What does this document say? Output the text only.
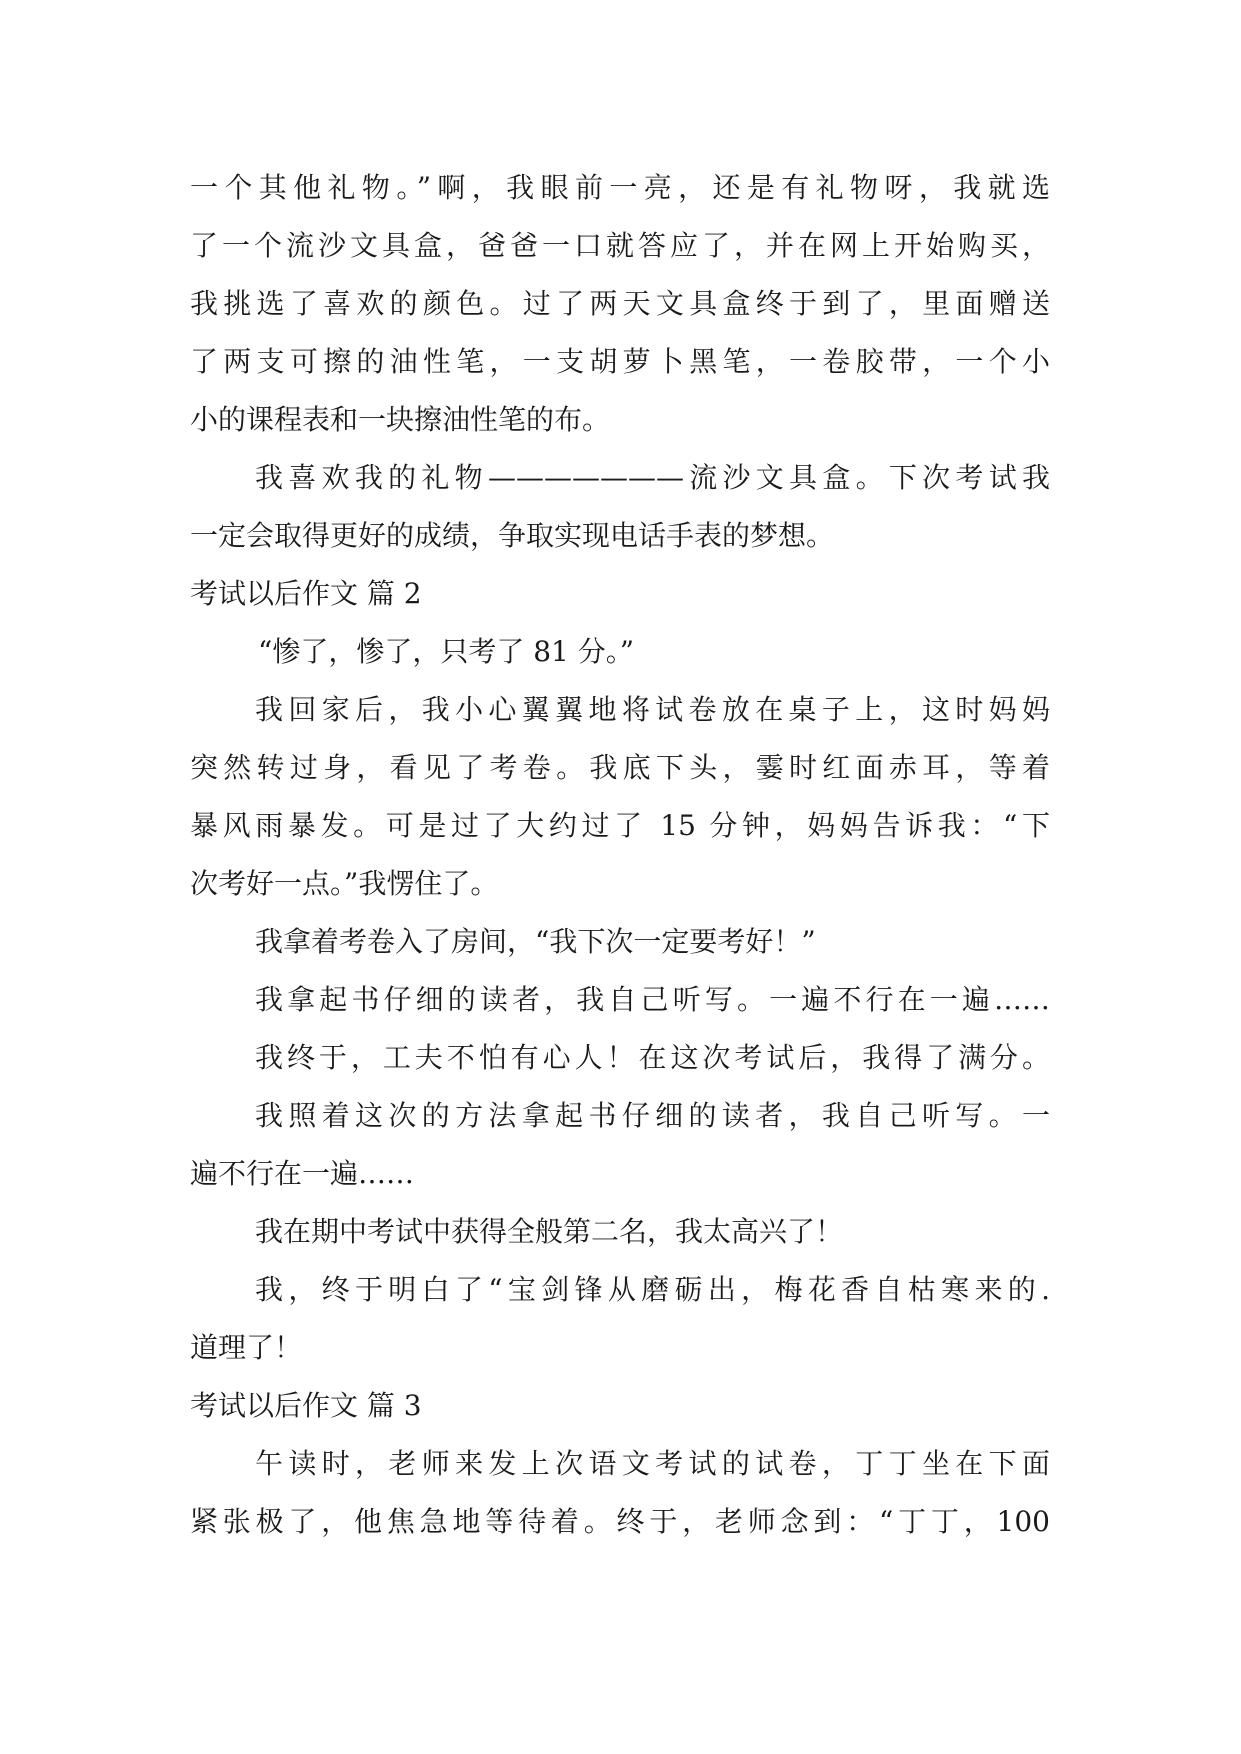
一个其他礼物。”啊，我眼前一亮，还是有礼物呀，我就选
了一个流沙文具盒，爸爸一口就答应了，并在网上开始购买，
我挑选了喜欢的颜色。过了两天文具盒终于到了，里面赠送
了两支可擦的油性笔，一支胡萝卜黑笔，一卷胶带，一个小
小的课程表和一块擦油性笔的布。
我喜欢我的礼物———————流沙文具盒。下次考试我
一定会取得更好的成绩，争取实现电话手表的梦想。
考试以后作文 篇 2
“惨了，惨了，只考了 81 分。”
我回家后，我小心翼翼地将试卷放在桌子上，这时妈妈
突然转过身，看见了考卷。我底下头，霎时红面赤耳，等着
暴风雨暴发。可是过了大约过了 15 分钟，妈妈告诉我：“下
次考好一点。”我愣住了。
我拿着考卷入了房间，“我下次一定要考好！”
我拿起书仔细的读者，我自己听写。一遍不行在一遍……
我终于，工夫不怕有心人！在这次考试后，我得了满分。
我照着这次的方法拿起书仔细的读者，我自己听写。一
遍不行在一遍……
我在期中考试中获得全般第二名，我太高兴了！
我，终于明白了“宝剑锋从磨砺出，梅花香自枯寒来的.
道理了！
考试以后作文 篇 3
午读时，老师来发上次语文考试的试卷，丁丁坐在下面
紧张极了，他焦急地等待着。终于，老师念到：“丁丁，100
